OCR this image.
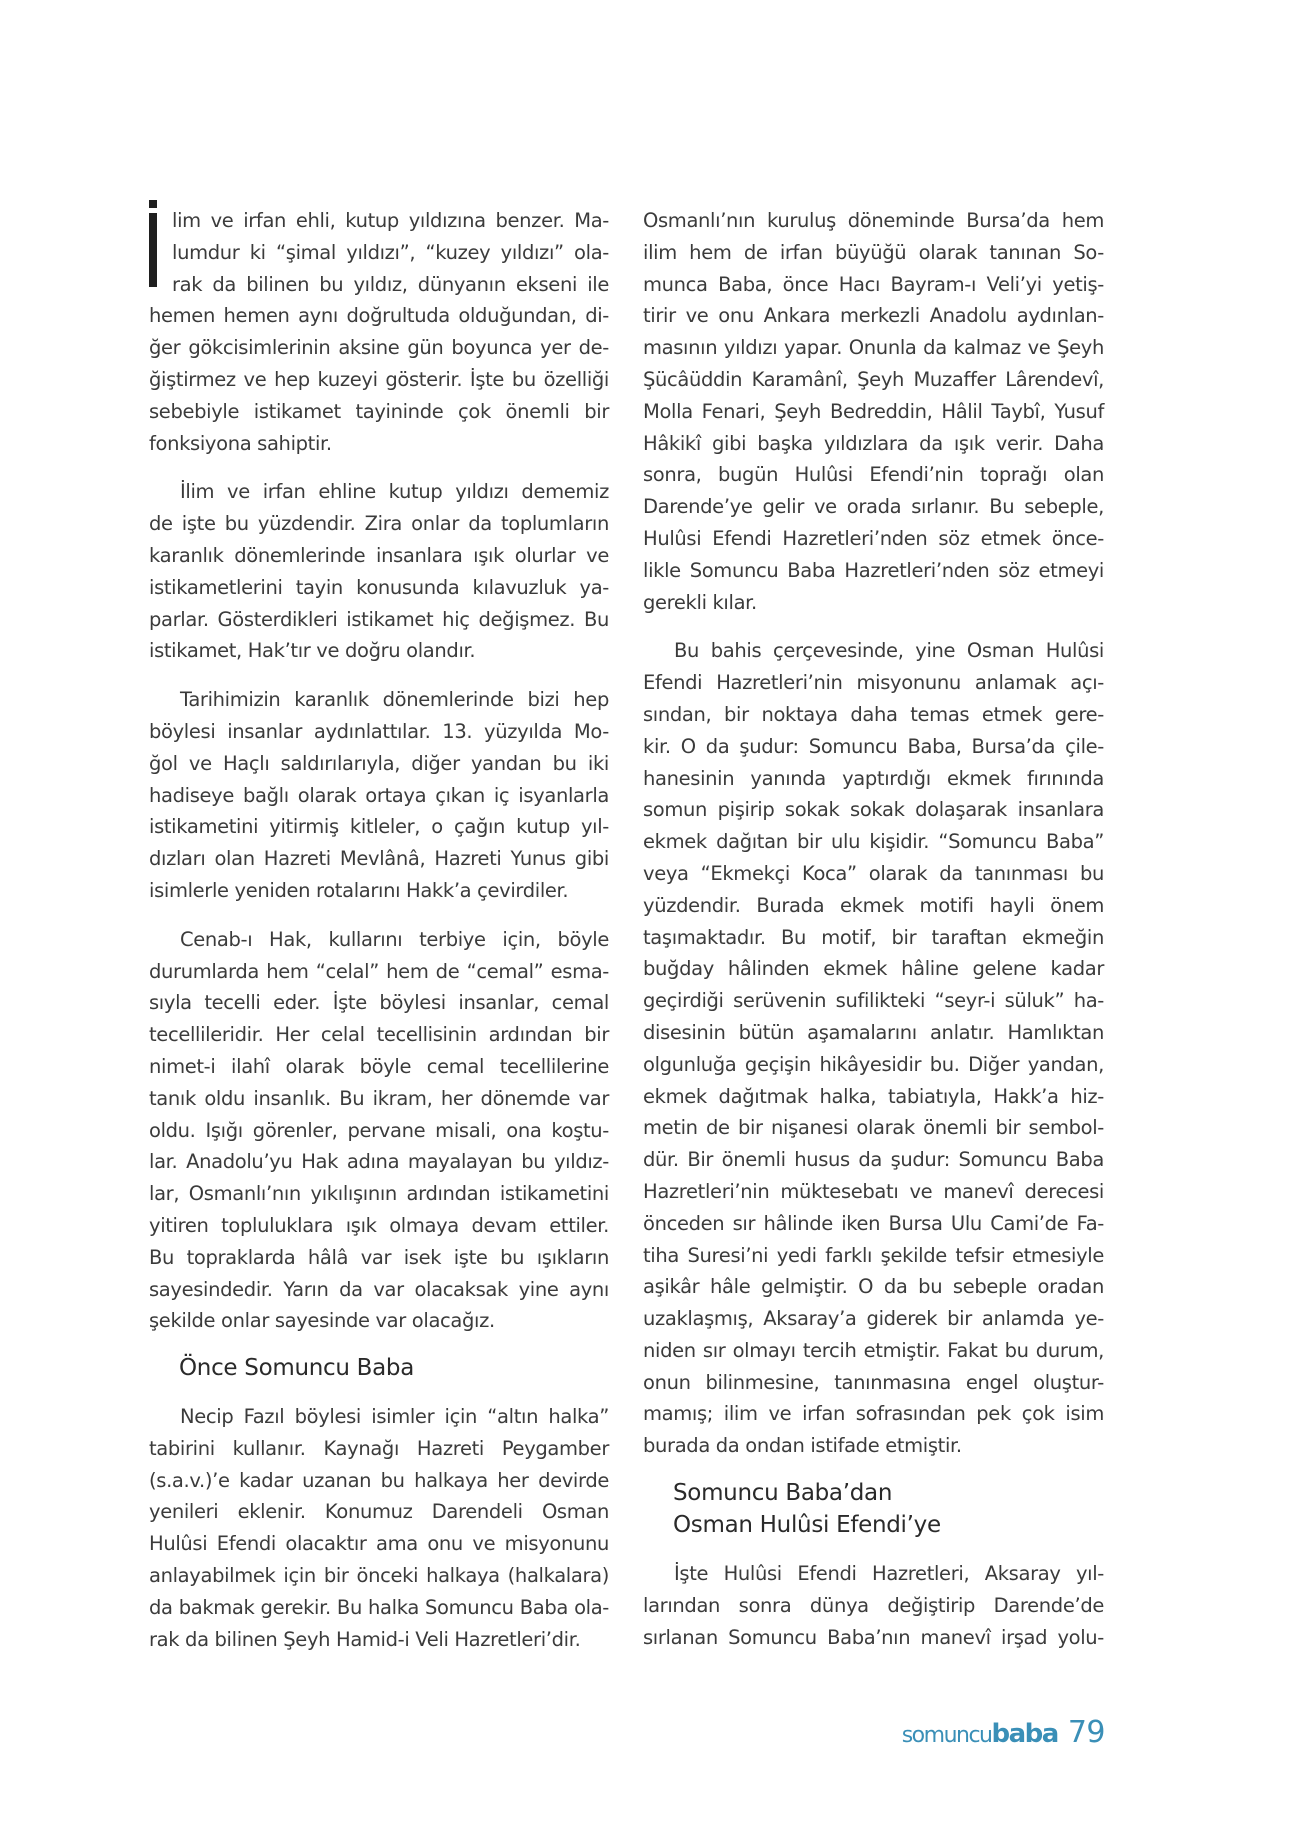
lim ve irfan ehli, kutup yıldızına benzer. Ma-
lumdur ki “şimal yıldızı”, “kuzey yıldızı” ola-
rak da bilinen bu yıldız, dünyanın ekseni ile
hemen hemen aynı doğrultuda olduğundan, di-
ğer gökcisimlerinin aksine gün boyunca yer de-
ğiştirmez ve hep kuzeyi gösterir. İşte bu özelliği
sebebiyle istikamet tayininde çok önemli bir
fonksiyona sahiptir.
İlim ve irfan ehline kutup yıldızı dememiz
de işte bu yüzdendir. Zira onlar da toplumların
karanlık dönemlerinde insanlara ışık olurlar ve
istikametlerini tayin konusunda kılavuzluk ya-
parlar. Gösterdikleri istikamet hiç değişmez. Bu
istikamet, Hak’tır ve doğru olandır.
Tarihimizin karanlık dönemlerinde bizi hep
böylesi insanlar aydınlattılar. 13. yüzyılda Mo-
ğol ve Haçlı saldırılarıyla, diğer yandan bu iki
hadiseye bağlı olarak ortaya çıkan iç isyanlarla
istikametini yitirmiş kitleler, o çağın kutup yıl-
dızları olan Hazreti Mevlânâ, Hazreti Yunus gibi
isimlerle yeniden rotalarını Hakk’a çevirdiler.
Cenab-ı Hak, kullarını terbiye için, böyle
durumlarda hem “celal” hem de “cemal” esma-
sıyla tecelli eder. İşte böylesi insanlar, cemal
tecellileridir. Her celal tecellisinin ardından bir
nimet-i ilahî olarak böyle cemal tecellilerine
tanık oldu insanlık. Bu ikram, her dönemde var
oldu. Işığı görenler, pervane misali, ona koştu-
lar. Anadolu’yu Hak adına mayalayan bu yıldız-
lar, Osmanlı’nın yıkılışının ardından istikametini
yitiren topluluklara ışık olmaya devam ettiler.
Bu topraklarda hâlâ var isek işte bu ışıkların
sayesindedir. Yarın da var olacaksak yine aynı
şekilde onlar sayesinde var olacağız.
Önce Somuncu Baba
Necip Fazıl böylesi isimler için “altın halka”
tabirini kullanır. Kaynağı Hazreti Peygamber
(s.a.v.)’e kadar uzanan bu halkaya her devirde
yenileri eklenir. Konumuz Darendeli Osman
Hulûsi Efendi olacaktır ama onu ve misyonunu
anlayabilmek için bir önceki halkaya (halkalara)
da bakmak gerekir. Bu halka Somuncu Baba ola-
rak da bilinen Şeyh Hamid-i Veli Hazretleri’dir.
Osmanlı’nın kuruluş döneminde Bursa’da hem
ilim hem de irfan büyüğü olarak tanınan So-
munca Baba, önce Hacı Bayram-ı Veli’yi yetiş-
tirir ve onu Ankara merkezli Anadolu aydınlan-
masının yıldızı yapar. Onunla da kalmaz ve Şeyh
Şücâüddin Karamânî, Şeyh Muzaffer Lârendevî,
Molla Fenari, Şeyh Bedreddin, Hâlil Taybî, Yusuf
Hâkikî gibi başka yıldızlara da ışık verir. Daha
sonra, bugün Hulûsi Efendi’nin toprağı olan
Darende’ye gelir ve orada sırlanır. Bu sebeple,
Hulûsi Efendi Hazretleri’nden söz etmek önce-
likle Somuncu Baba Hazretleri’nden söz etmeyi
gerekli kılar.
Bu bahis çerçevesinde, yine Osman Hulûsi
Efendi Hazretleri’nin misyonunu anlamak açı-
sından, bir noktaya daha temas etmek gere-
kir. O da şudur: Somuncu Baba, Bursa’da çile-
hanesinin yanında yaptırdığı ekmek fırınında
somun pişirip sokak sokak dolaşarak insanlara
ekmek dağıtan bir ulu kişidir. “Somuncu Baba”
veya “Ekmekçi Koca” olarak da tanınması bu
yüzdendir. Burada ekmek motifi hayli önem
taşımaktadır. Bu motif, bir taraftan ekmeğin
buğday hâlinden ekmek hâline gelene kadar
geçirdiği serüvenin sufilikteki “seyr-i süluk” ha-
disesinin bütün aşamalarını anlatır. Hamlıktan
olgunluğa geçişin hikâyesidir bu. Diğer yandan,
ekmek dağıtmak halka, tabiatıyla, Hakk’a hiz-
metin de bir nişanesi olarak önemli bir sembol-
dür. Bir önemli husus da şudur: Somuncu Baba
Hazretleri’nin müktesebatı ve manevî derecesi
önceden sır hâlinde iken Bursa Ulu Cami’de Fa-
tiha Suresi’ni yedi farklı şekilde tefsir etmesiyle
aşikâr hâle gelmiştir. O da bu sebeple oradan
uzaklaşmış, Aksaray’a giderek bir anlamda ye-
niden sır olmayı tercih etmiştir. Fakat bu durum,
onun bilinmesine, tanınmasına engel oluştur-
mamış; ilim ve irfan sofrasından pek çok isim
burada da ondan istifade etmiştir.
Somuncu Baba’dan
Osman Hulûsi Efendi’ye
İşte Hulûsi Efendi Hazretleri, Aksaray yıl-
larından sonra dünya değiştirip Darende’de
sırlanan Somuncu Baba’nın manevî irşad yolu-
somuncubaba 79
